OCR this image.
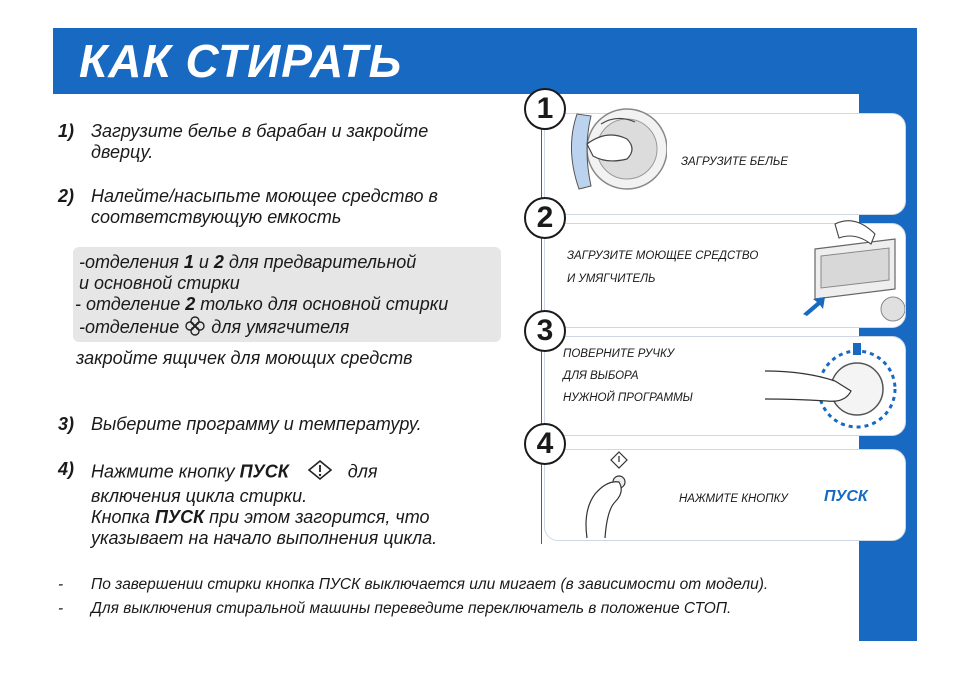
КАК СТИРАТЬ
1) Загрузите белье в барабан и закройте
дверцу.
2) Налейте/насыпьте моющее средство в
соответствующую емкость
-отделения 1 и 2 для предварительной
и основной стирки
- отделение 2 только для основной стирки
-отделение  для умягчителя
закройте ящичек для моющих средств
3) Выберите программу и температуру.
4) Нажмите кнопку ПУСК	для
включения цикла стирки.
Кнопка ПУСК при этом загорится, что
указывает на начало выполнения цикла.
- По завершении стирки кнопка ПУСК выключается или мигает (в зависимости от модели).
- Для выключения стиральной машины переведите переключатель в положение СТОП.
ЗАГРУЗИТЕ БЕЛЬЕ
1
ЗАГРУЗИТЕ МОЮЩЕЕ СРЕДСТВО
И УМЯГЧИТЕЛЬ
2
ПОВЕРНИТЕ РУЧКУ
ДЛЯ ВЫБОРА
НУЖНОЙ ПРОГРАММЫ
3
НАЖМИТЕ КНОПКУ ПУСК
4
